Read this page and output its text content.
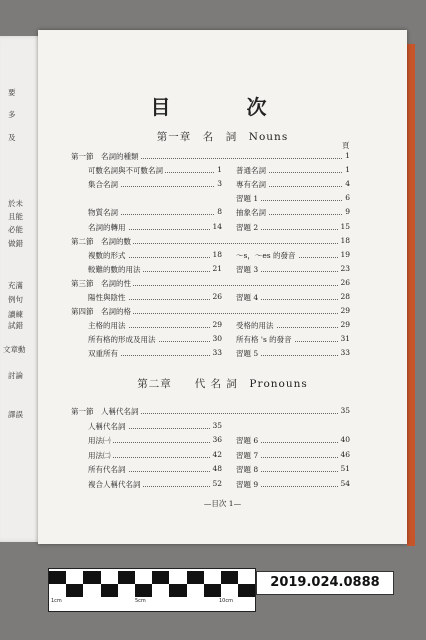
要
多
及
於未
且能
必能
做錯
充滿
例句
讀練
試錯
文章動
討論
譯誤
目　次
第一章　名　詞　Nouns
頁
第二章　　代 名 詞　Pronouns
—目次 1—
第一節　名詞的種類	1
可數名詞與不可數名詞	1 普通名詞	1
集合名詞	3 專有名詞	4
習題 1	6
物質名詞	8 抽象名詞	9
名詞的轉用	14 習題 2	15
第二節　名詞的數	18
複數的形式	18 ～s，～es 的發音	19
較難的數的用法	21 習題 3	23
第三節　名詞的性	26
陽性與陰性	26 習題 4	28
第四節　名詞的格	29
主格的用法	29 受格的用法	29
所有格的形成及用法	30 所有格 's 的發音	31
双重所有	33 習題 5	33
第一節　人稱代名詞	35
人稱代名詞	35
用法㈠	36 習題 6	40
用法㈡	42 習題 7	46
所有代名詞	48 習題 8	51
複合人稱代名詞	52 習題 9	54
1cm	5cm	10cm
2019.024.0888
